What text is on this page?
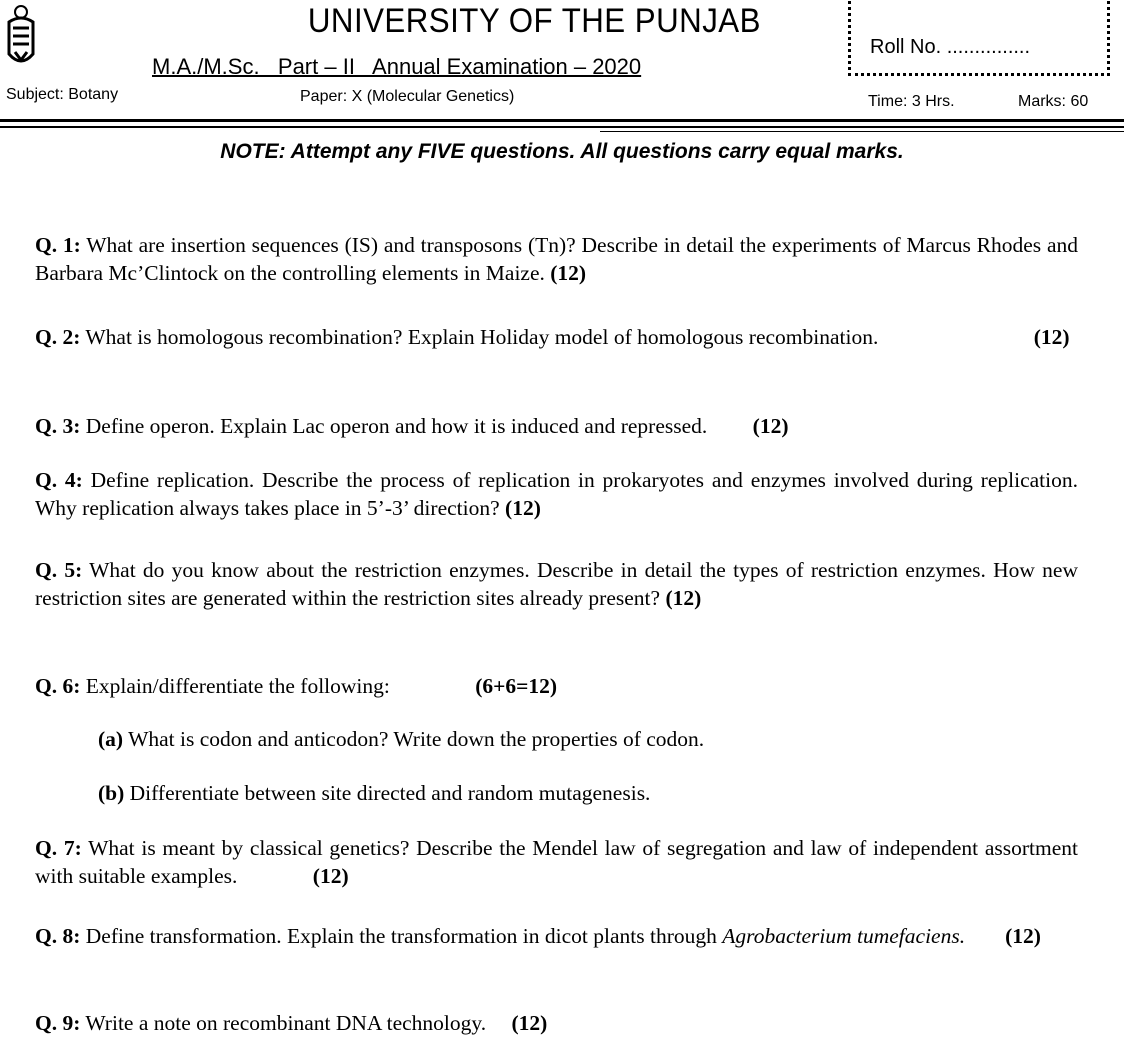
UNIVERSITY OF THE PUNJAB
M.A./M.Sc.   Part – II   Annual Examination – 2020
Subject: Botany	Paper: X (Molecular Genetics)
Roll No. ...............
Time: 3 Hrs.	Marks: 60
NOTE: Attempt any FIVE questions. All questions carry equal marks.
Q. 1: What are insertion sequences (IS) and transposons (Tn)? Describe in detail the experiments of Marcus Rhodes and Barbara Mc’Clintock on the controlling elements in Maize. (12)
Q. 2: What is homologous recombination? Explain Holiday model of homologous recombination.	(12)
Q. 3: Define operon. Explain Lac operon and how it is induced and repressed. (12)
Q. 4: Define replication. Describe the process of replication in prokaryotes and enzymes involved during replication. Why replication always takes place in 5’-3’ direction? (12)
Q. 5: What do you know about the restriction enzymes. Describe in detail the types of restriction enzymes. How new restriction sites are generated within the restriction sites already present? (12)
Q. 6: Explain/differentiate the following:	(6+6=12)
(a) What is codon and anticodon? Write down the properties of codon.
(b) Differentiate between site directed and random mutagenesis.
Q. 7: What is meant by classical genetics? Describe the Mendel law of segregation and law of independent assortment with suitable examples.	(12)
Q. 8: Define transformation. Explain the transformation in dicot plants through Agrobacterium tumefaciens. (12)
Q. 9: Write a note on recombinant DNA technology. (12)
